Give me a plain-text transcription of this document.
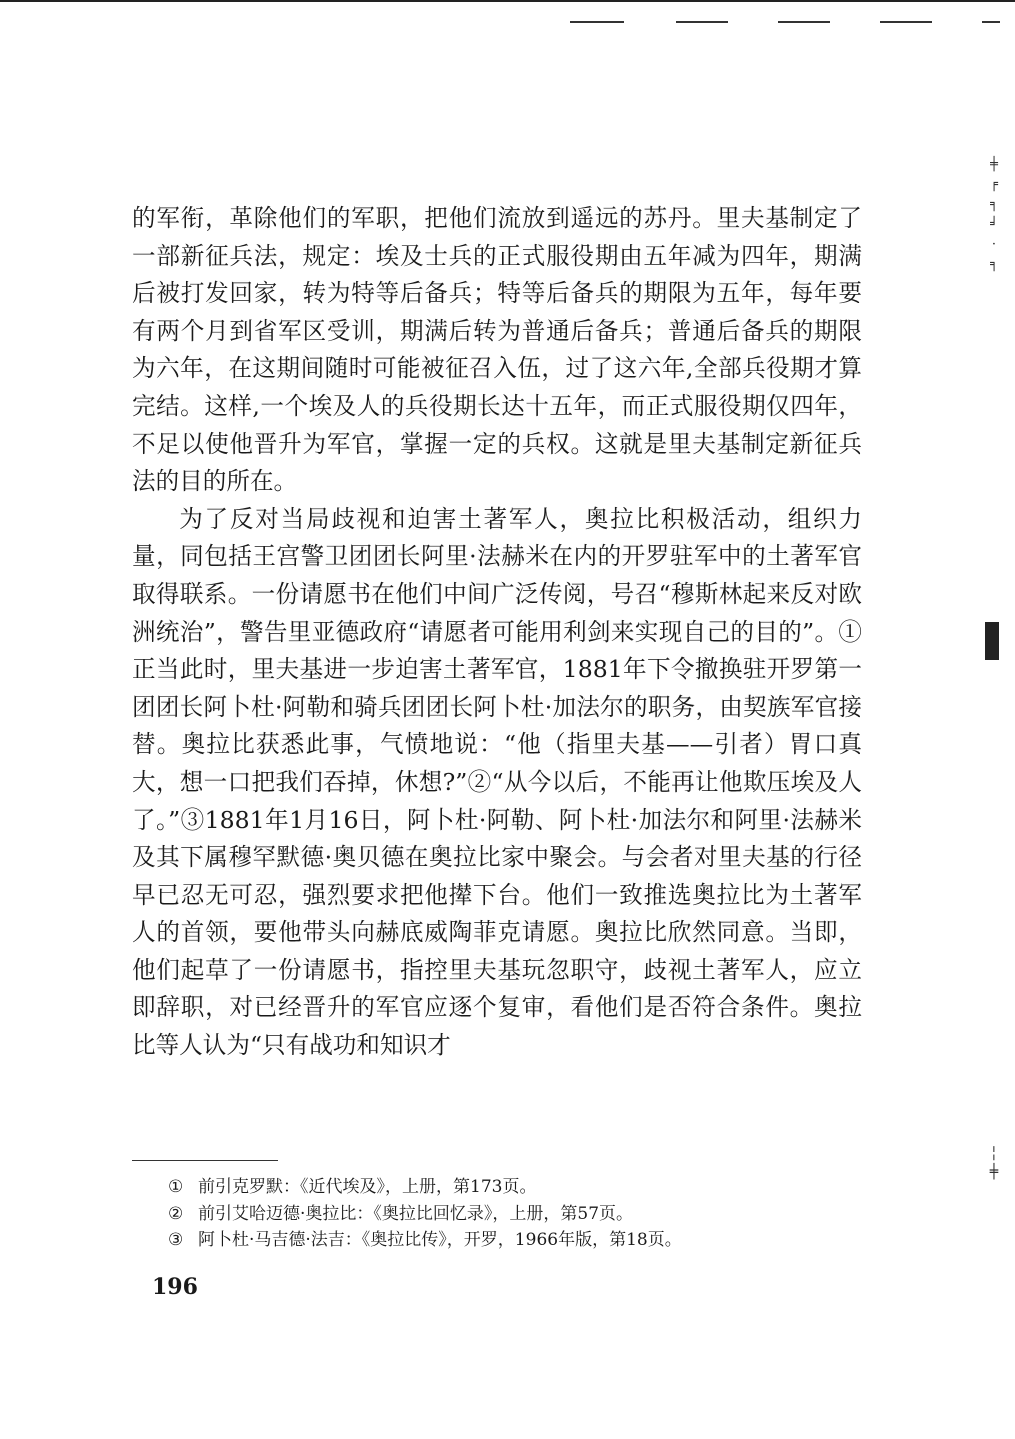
╪
╒
╕
╛
·
╕
╎
╪

的军衔，革除他们的军职，把他们流放到遥远的苏丹。里夫基制定了一部新征兵法，规定：埃及士兵的正式服役期由五年减为四年，期满后被打发回家，转为特等后备兵；特等后备兵的期限为五年，每年要有两个月到省军区受训，期满后转为普通后备兵；普通后备兵的期限为六年，在这期间随时可能被征召入伍，过了这六年,全部兵役期才算完结。这样,一个埃及人的兵役期长达十五年，而正式服役期仅四年，不足以使他晋升为军官，掌握一定的兵权。这就是里夫基制定新征兵法的目的所在。

为了反对当局歧视和迫害土著军人，奥拉比积极活动，组织力量，同包括王宫警卫团团长阿里·法赫米在内的开罗驻军中的土著军官取得联系。一份请愿书在他们中间广泛传阅，号召“穆斯林起来反对欧洲统治”，警告里亚德政府“请愿者可能用利剑来实现自己的目的”。①正当此时，里夫基进一步迫害土著军官，1881年下令撤换驻开罗第一团团长阿卜杜·阿勒和骑兵团团长阿卜杜·加法尔的职务，由契族军官接替。奥拉比获悉此事，气愤地说：“他（指里夫基——引者）胃口真大，想一口把我们吞掉，休想?”②“从今以后，不能再让他欺压埃及人了。”③1881年1月16日，阿卜杜·阿勒、阿卜杜·加法尔和阿里·法赫米及其下属穆罕默德·奥贝德在奥拉比家中聚会。与会者对里夫基的行径早已忍无可忍，强烈要求把他撵下台。他们一致推选奥拉比为土著军人的首领，要他带头向赫底威陶菲克请愿。奥拉比欣然同意。当即，他们起草了一份请愿书，指控里夫基玩忽职守，歧视土著军人，应立即辞职，对已经晋升的军官应逐个复审，看他们是否符合条件。奥拉比等人认为“只有战功和知识才

① 前引克罗默：《近代埃及》，上册，第173页。
② 前引艾哈迈德·奥拉比：《奥拉比回忆录》，上册，第57页。
③ 阿卜杜·马吉德·法吉：《奥拉比传》，开罗，1966年版，第18页。
196
